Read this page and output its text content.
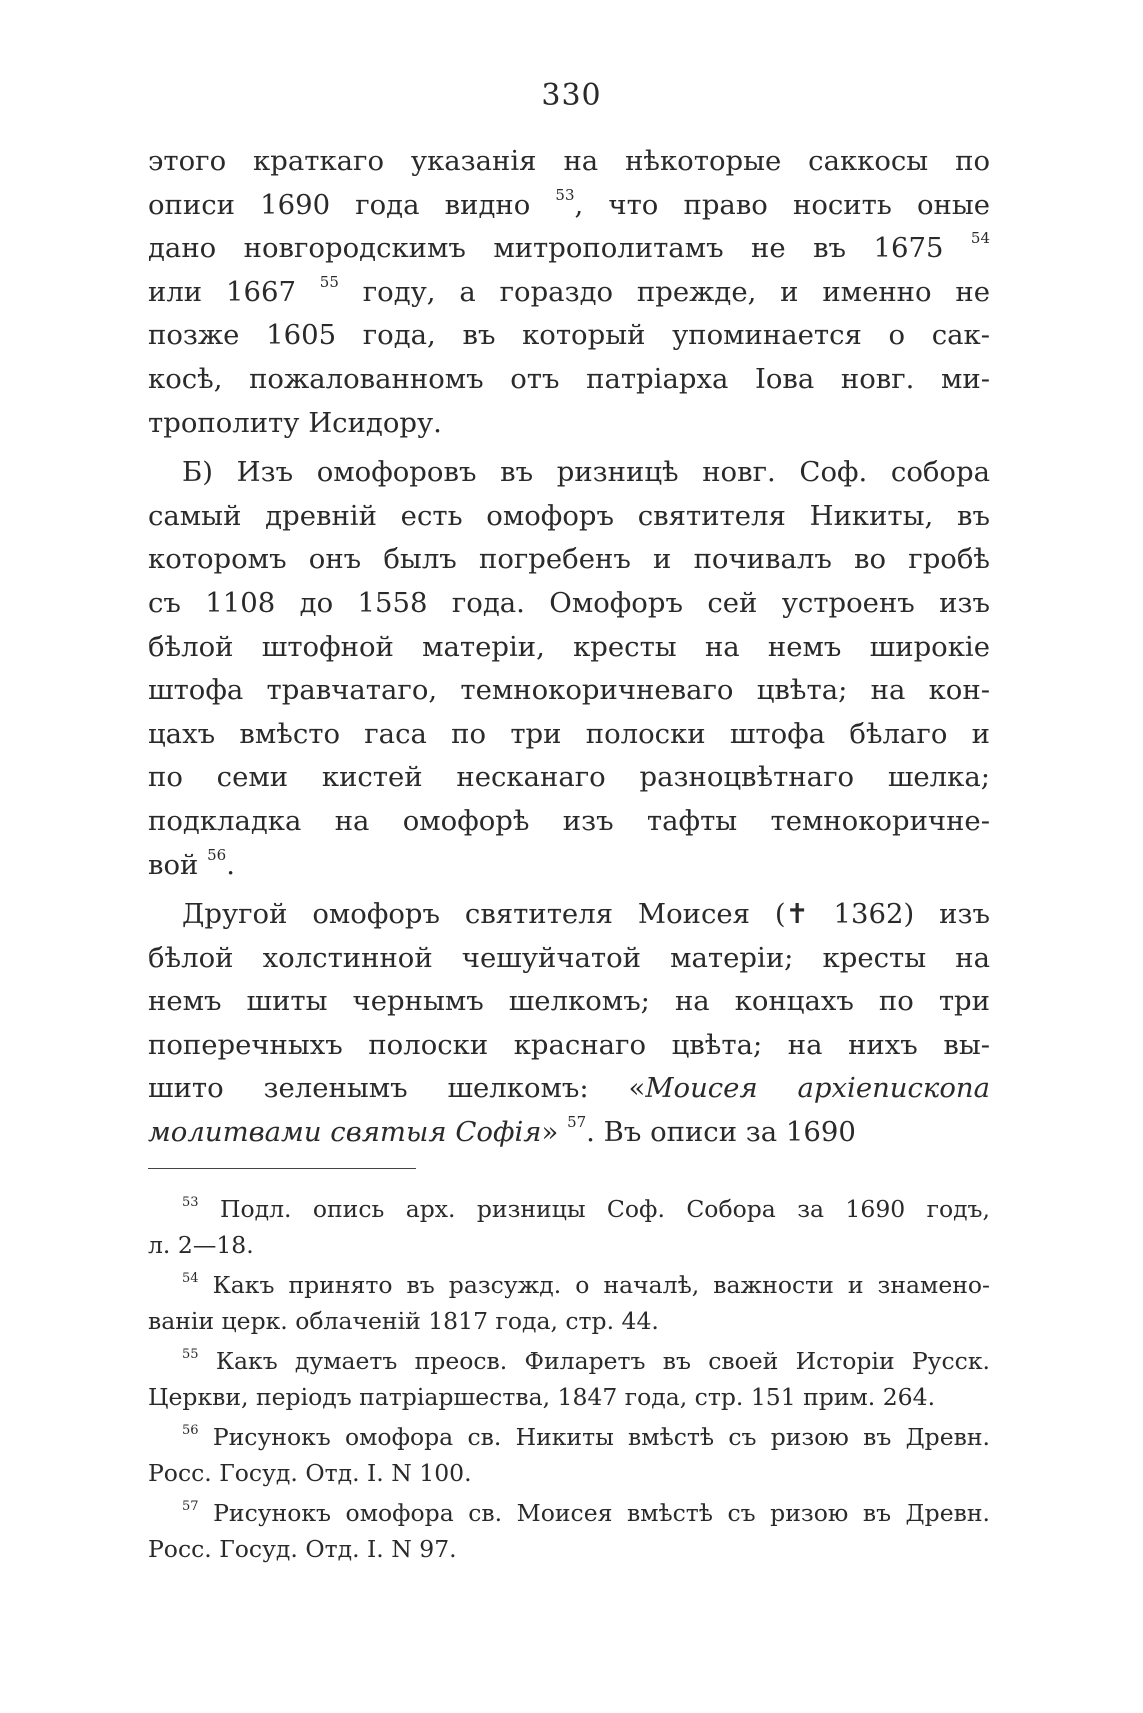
330
этого краткаго указанія на нѣкоторые саккосы по
описи 1690 года видно $^{53}$, что право носить оные
дано новгородскимъ митрополитамъ не въ 1675 $^{54}$
или 1667 $^{55}$ году, а гораздо прежде, и именно не
позже 1605 года, въ который упоминается о сак-
косѣ, пожалованномъ отъ патріарха Іова новг. ми-
трополиту Исидору.
Б) Изъ омофоровъ въ ризницѣ новг. Соф. собора
самый древній есть омофоръ святителя Никиты, въ
которомъ онъ былъ погребенъ и почивалъ во гробѣ
съ 1108 до 1558 года. Омофоръ сей устроенъ изъ
бѣлой штофной матеріи, кресты на немъ широкіе
штофа травчатаго, темнокоричневаго цвѣта; на кон-
цахъ вмѣсто гаса по три полоски штофа бѣлаго и
по семи кистей несканаго разноцвѣтнаго шелка;
подкладка на омофорѣ изъ тафты темнокоричне-
вой $^{56}$.
Другой омофоръ святителя Моисея (✝ 1362) изъ
бѣлой холстинной чешуйчатой матеріи; кресты на
немъ шиты чернымъ шелкомъ; на концахъ по три
поперечныхъ полоски краснаго цвѣта; на нихъ вы-
шито зеленымъ шелкомъ: «Моисея архіепископа
молитвами святыя Софія» $^{57}$. Въ описи за 1690
$^{53}$ Подл. опись арх. ризницы Соф. Собора за 1690 годъ,
л. 2—18.
$^{54}$ Какъ принято въ разсужд. о началѣ, важности и знамено-
ваніи церк. облаченій 1817 года, стр. 44.
$^{55}$ Какъ думаетъ преосв. Филаретъ въ своей Исторіи Русск.
Церкви, періодъ патріаршества, 1847 года, стр. 151 прим. 264.
$^{56}$ Рисунокъ омофора св. Никиты вмѣстѣ съ ризою въ Древн.
Росс. Госуд. Отд. I. N 100.
$^{57}$ Рисунокъ омофора св. Моисея вмѣстѣ съ ризою въ Древн.
Росс. Госуд. Отд. I. N 97.
